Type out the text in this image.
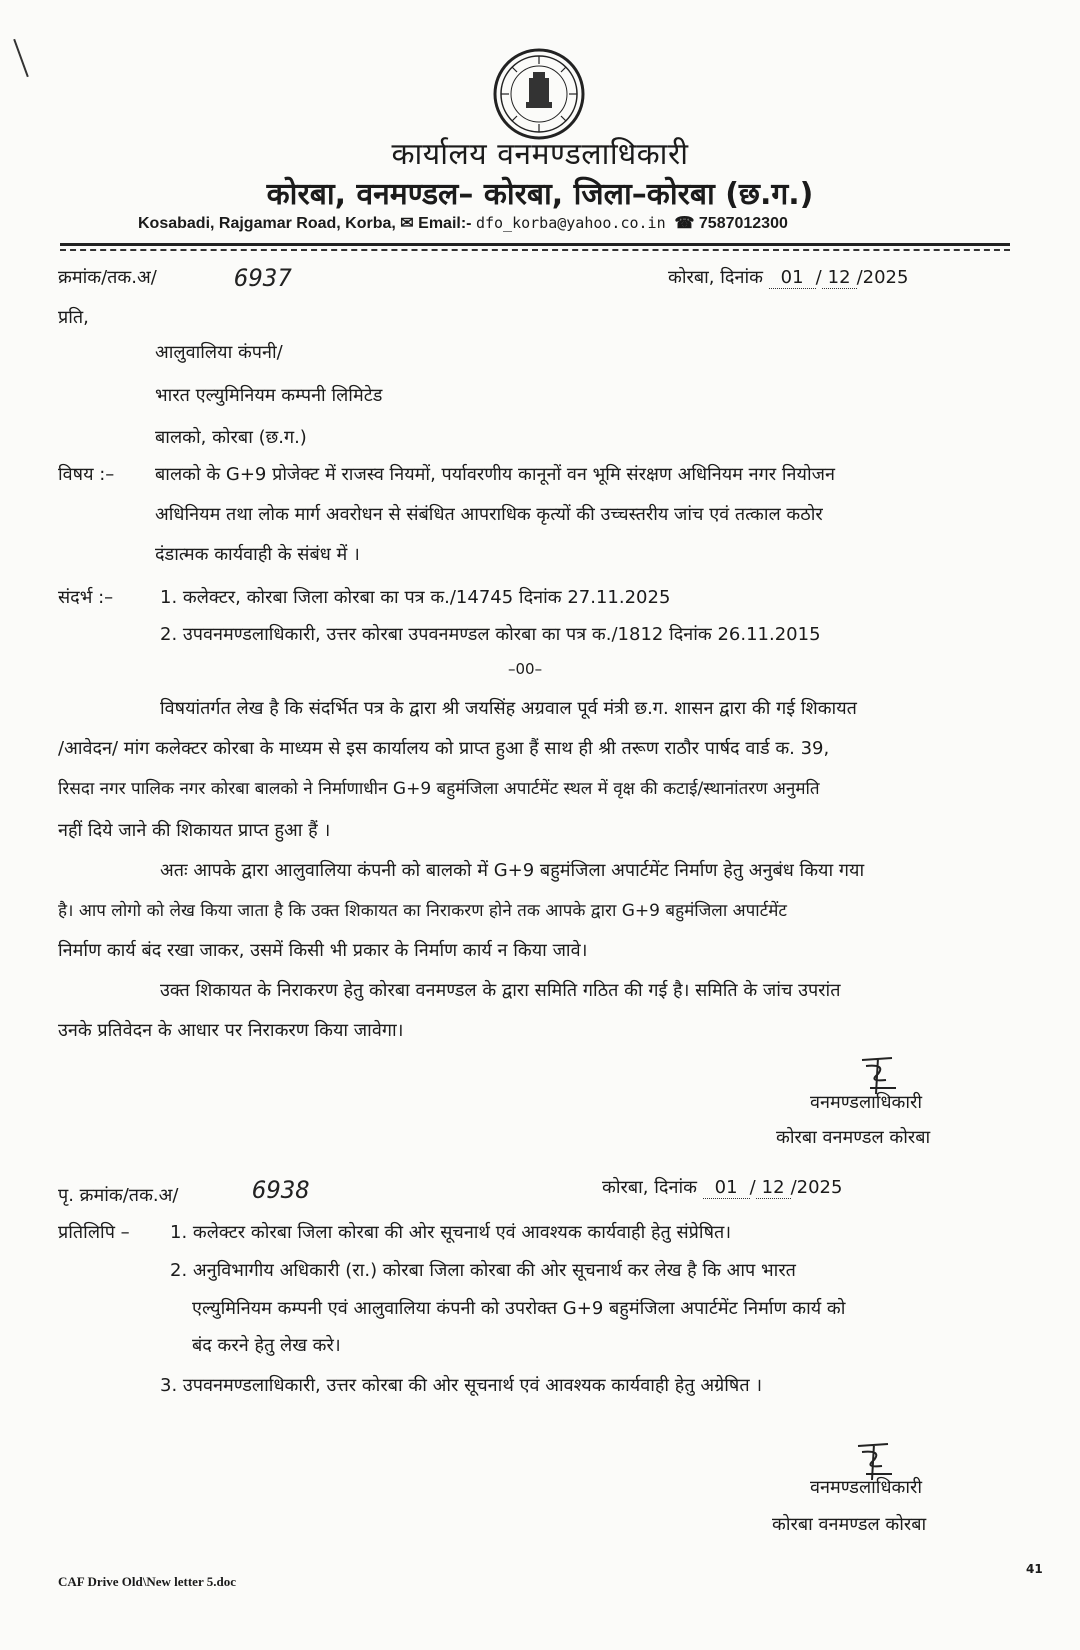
कार्यालय वनमण्डलाधिकारी
कोरबा, वनमण्डल– कोरबा, जिला–कोरबा (छ.ग.)
Kosabadi, Rajgamar Road, Korba, ✉ Email:- dfo_korba@yahoo.co.in ☎ 7587012300
क्रमांक/तक.अ/	6937	कोरबा, दिनांक 01 / 12 /2025
प्रति,
आलुवालिया कंपनी/
भारत एल्युमिनियम कम्पनी लिमिटेड
बालको, कोरबा (छ.ग.)
विषय :– बालको के G+9 प्रोजेक्ट में राजस्व नियमों, पर्यावरणीय कानूनों वन भूमि संरक्षण अधिनियम नगर नियोजन
अधिनियम तथा लोक मार्ग अवरोधन से संबंधित आपराधिक कृत्यों की उच्चस्तरीय जांच एवं तत्काल कठोर
दंडात्मक कार्यवाही के संबंध में ।
संदर्भ :–	1. कलेक्टर, कोरबा जिला कोरबा का पत्र क./14745 दिनांक 27.11.2025
2. उपवनमण्डलाधिकारी, उत्तर कोरबा उपवनमण्डल कोरबा का पत्र क./1812 दिनांक 26.11.2015
–00–
विषयांतर्गत लेख है कि संदर्भित पत्र के द्वारा श्री जयसिंह अग्रवाल पूर्व मंत्री छ.ग. शासन द्वारा की गई शिकायत
/आवेदन/ मांग कलेक्टर कोरबा के माध्यम से इस कार्यालय को प्राप्त हुआ हैं साथ ही श्री तरूण राठौर पार्षद वार्ड क. 39,
रिसदा नगर पालिक नगर कोरबा बालको ने निर्माणाधीन G+9 बहुमंजिला अपार्टमेंट स्थल में वृक्ष की कटाई/स्थानांतरण अनुमति
नहीं दिये जाने की शिकायत प्राप्त हुआ हैं ।
अतः आपके द्वारा आलुवालिया कंपनी को बालको में G+9 बहुमंजिला अपार्टमेंट निर्माण हेतु अनुबंध किया गया
है। आप लोगो को लेख किया जाता है कि उक्त शिकायत का निराकरण होने तक आपके द्वारा G+9 बहुमंजिला अपार्टमेंट
निर्माण कार्य बंद रखा जाकर, उसमें किसी भी प्रकार के निर्माण कार्य न किया जावे।
उक्त शिकायत के निराकरण हेतु कोरबा वनमण्डल के द्वारा समिति गठित की गई है। समिति के जांच उपरांत
उनके प्रतिवेदन के आधार पर निराकरण किया जावेगा।
वनमण्डलाधिकारी
कोरबा वनमण्डल कोरबा
पृ. क्रमांक/तक.अ/	6938	कोरबा, दिनांक 01 / 12 /2025
प्रतिलिपि – 1. कलेक्टर कोरबा जिला कोरबा की ओर सूचनार्थ एवं आवश्यक कार्यवाही हेतु संप्रेषित।
2. अनुविभागीय अधिकारी (रा.) कोरबा जिला कोरबा की ओर सूचनार्थ कर लेख है कि आप भारत
एल्युमिनियम कम्पनी एवं आलुवालिया कंपनी को उपरोक्त G+9 बहुमंजिला अपार्टमेंट निर्माण कार्य को
बंद करने हेतु लेख करे।
3. उपवनमण्डलाधिकारी, उत्तर कोरबा की ओर सूचनार्थ एवं आवश्यक कार्यवाही हेतु अग्रेषित ।
वनमण्डलाधिकारी
कोरबा वनमण्डल कोरबा
CAF Drive Old\New letter 5.doc
41
